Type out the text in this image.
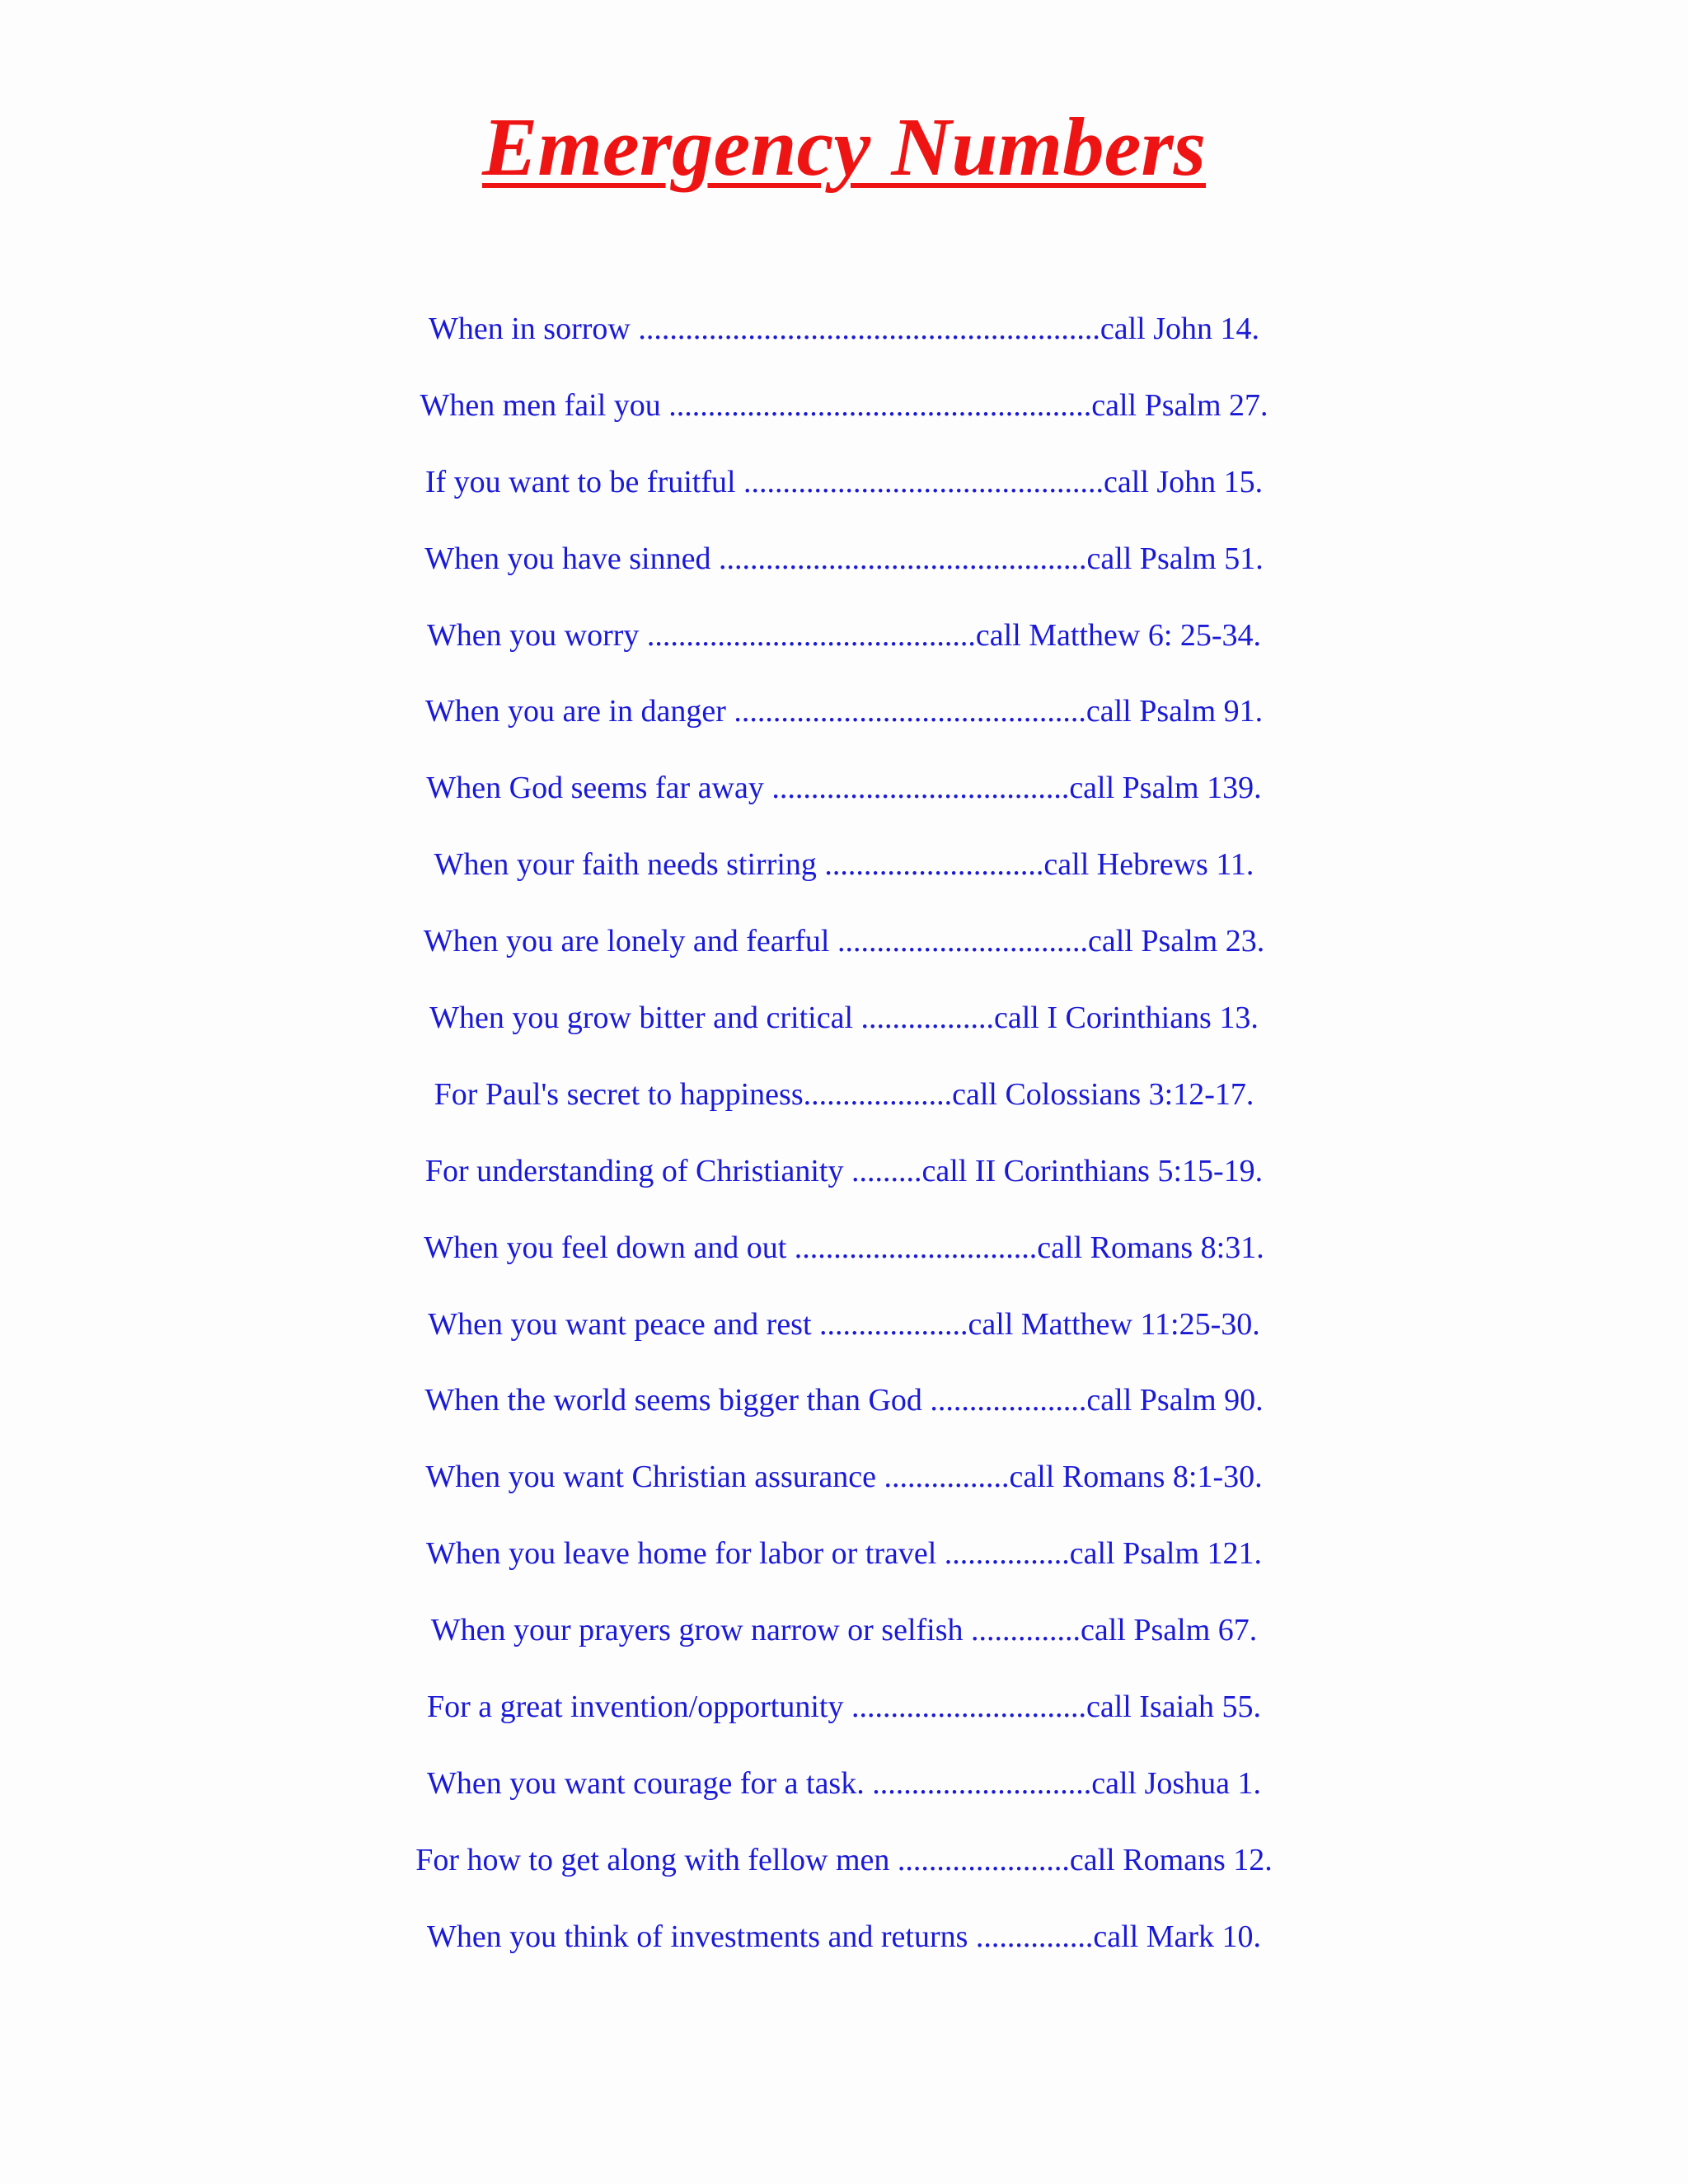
Emergency Numbers
When in sorrow ...........................................................call John 14.
When men fail you ......................................................call Psalm 27.
If you want to be fruitful ..............................................call John 15.
When you have sinned ...............................................call Psalm 51.
When you worry ..........................................call Matthew 6: 25-34.
When you are in danger .............................................call Psalm 91.
When God seems far away ......................................call Psalm 139.
When your faith needs stirring ............................call Hebrews 11.
When you are lonely and fearful ................................call Psalm 23.
When you grow bitter and critical .................call I Corinthians 13.
For Paul's secret to happiness...................call Colossians 3:12-17.
For understanding of Christianity .........call II Corinthians 5:15-19.
When you feel down and out ...............................call Romans 8:31.
When you want peace and rest ...................call Matthew 11:25-30.
When the world seems bigger than God ....................call Psalm 90.
When you want Christian assurance ................call Romans 8:1-30.
When you leave home for labor or travel ................call Psalm 121.
When your prayers grow narrow or selfish ..............call Psalm 67.
For a great invention/opportunity ..............................call Isaiah 55.
When you want courage for a task. ............................call Joshua 1.
For how to get along with fellow men ......................call Romans 12.
When you think of investments and returns ...............call Mark 10.
